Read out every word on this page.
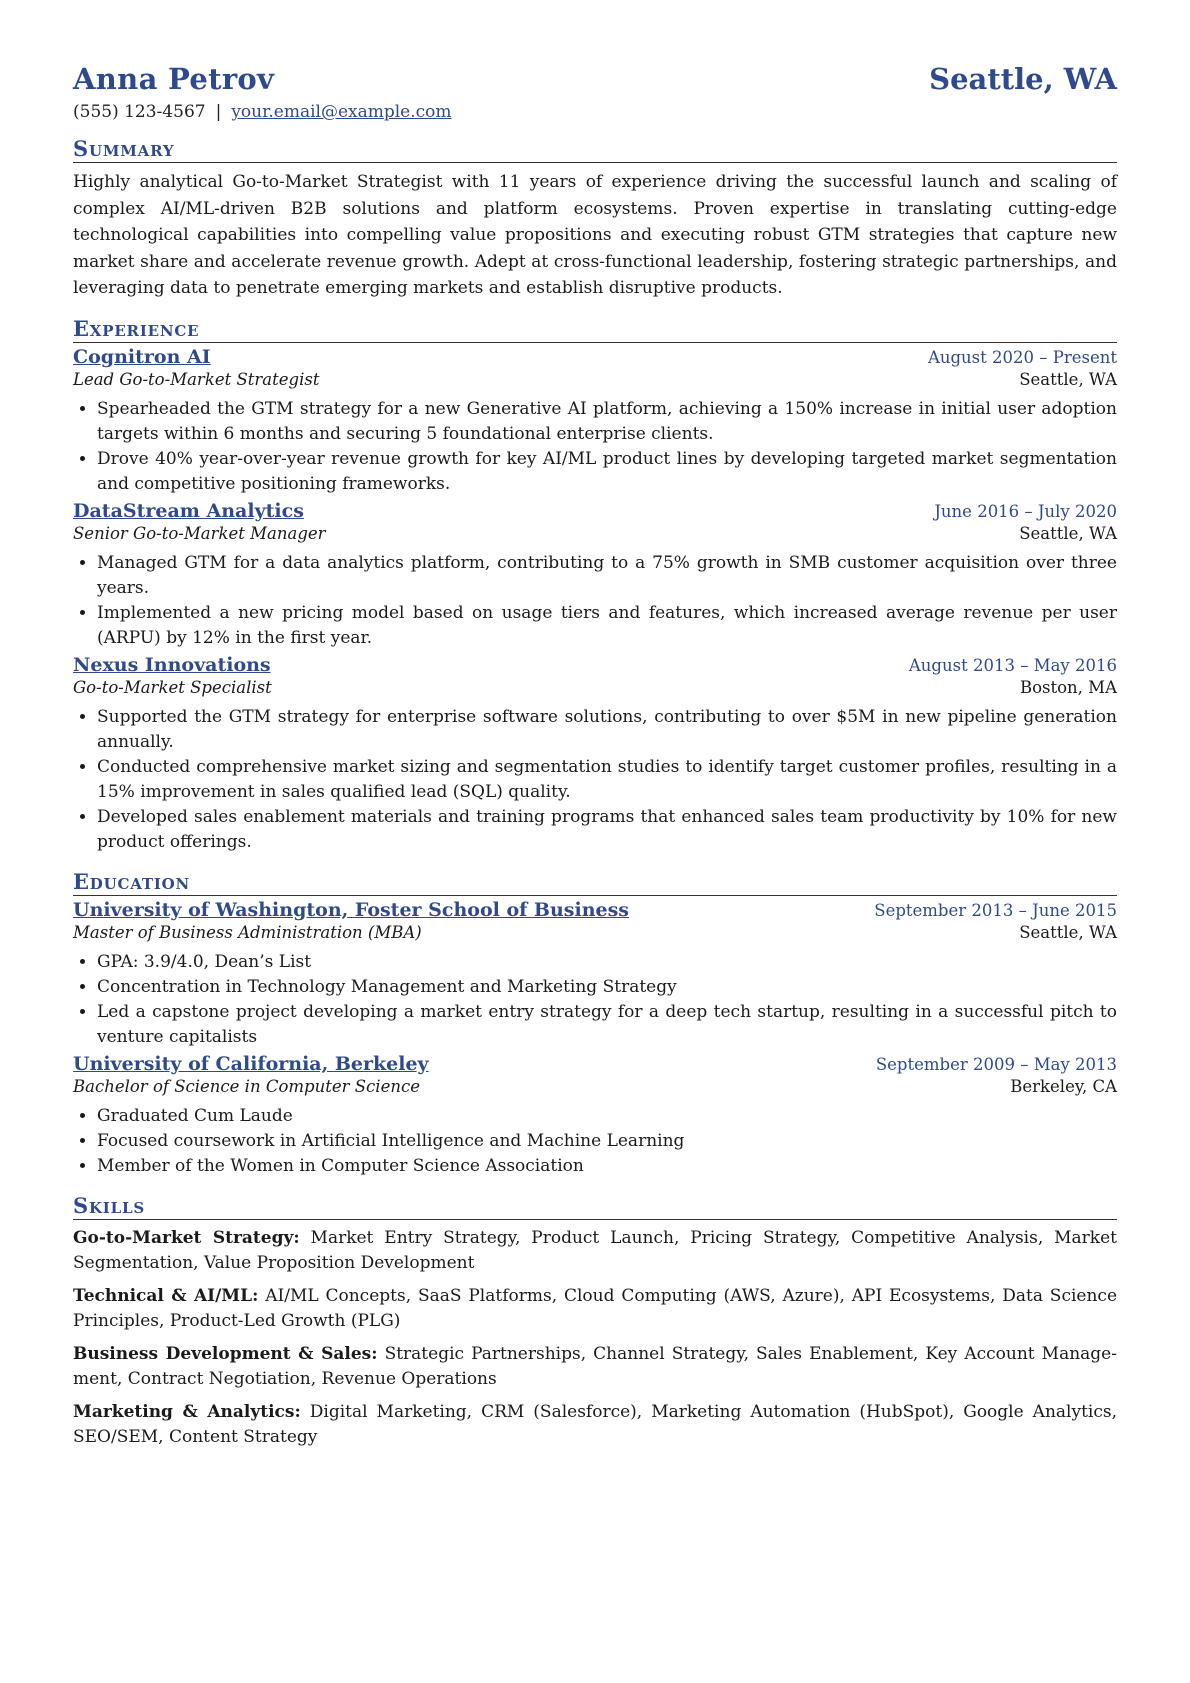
Anna Petrov	Seattle, WA
(555) 123-4567 | your.email@example.com
Summary
Highly analytical Go-to-Market Strategist with 11 years of experience driving the successful launch and scaling of complex AI/ML-driven B2B solutions and platform ecosystems. Proven expertise in translating cutting-edge technological capabilities into compelling value propositions and executing robust GTM strategies that capture new market share and accelerate revenue growth. Adept at cross-functional leadership, fostering strategic partnerships, and leveraging data to penetrate emerging markets and establish disruptive products.
Experience
Cognitron AI	August 2020 – Present
Lead Go-to-Market Strategist	Seattle, WA
• Spearheaded the GTM strategy for a new Generative AI platform, achieving a 150% increase in initial user adoption targets within 6 months and securing 5 foundational enterprise clients.
• Drove 40% year-over-year revenue growth for key AI/ML product lines by developing targeted market segmentation and competitive positioning frameworks.
DataStream Analytics	June 2016 – July 2020
Senior Go-to-Market Manager	Seattle, WA
• Managed GTM for a data analytics platform, contributing to a 75% growth in SMB customer acquisition over three years.
• Implemented a new pricing model based on usage tiers and features, which increased average revenue per user (ARPU) by 12% in the first year.
Nexus Innovations	August 2013 – May 2016
Go-to-Market Specialist	Boston, MA
• Supported the GTM strategy for enterprise software solutions, contributing to over $5M in new pipeline generation annually.
• Conducted comprehensive market sizing and segmentation studies to identify target customer profiles, resulting in a 15% improvement in sales qualified lead (SQL) quality.
• Developed sales enablement materials and training programs that enhanced sales team productivity by 10% for new product offerings.
Education
University of Washington, Foster School of Business	September 2013 – June 2015
Master of Business Administration (MBA)	Seattle, WA
• GPA: 3.9/4.0, Dean’s List
• Concentration in Technology Management and Marketing Strategy
• Led a capstone project developing a market entry strategy for a deep tech startup, resulting in a successful pitch to venture capitalists
University of California, Berkeley	September 2009 – May 2013
Bachelor of Science in Computer Science	Berkeley, CA
• Graduated Cum Laude
• Focused coursework in Artificial Intelligence and Machine Learning
• Member of the Women in Computer Science Association
Skills
Go-to-Market Strategy: Market Entry Strategy, Product Launch, Pricing Strategy, Competitive Analysis, Market Segmentation, Value Proposition Development
Technical & AI/ML: AI/ML Concepts, SaaS Platforms, Cloud Computing (AWS, Azure), API Ecosystems, Data Science Principles, Product-Led Growth (PLG)
Business Development & Sales: Strategic Partnerships, Channel Strategy, Sales Enablement, Key Account Manage-ment, Contract Negotiation, Revenue Operations
Marketing & Analytics: Digital Marketing, CRM (Salesforce), Marketing Automation (HubSpot), Google Analytics, SEO/SEM, Content Strategy
